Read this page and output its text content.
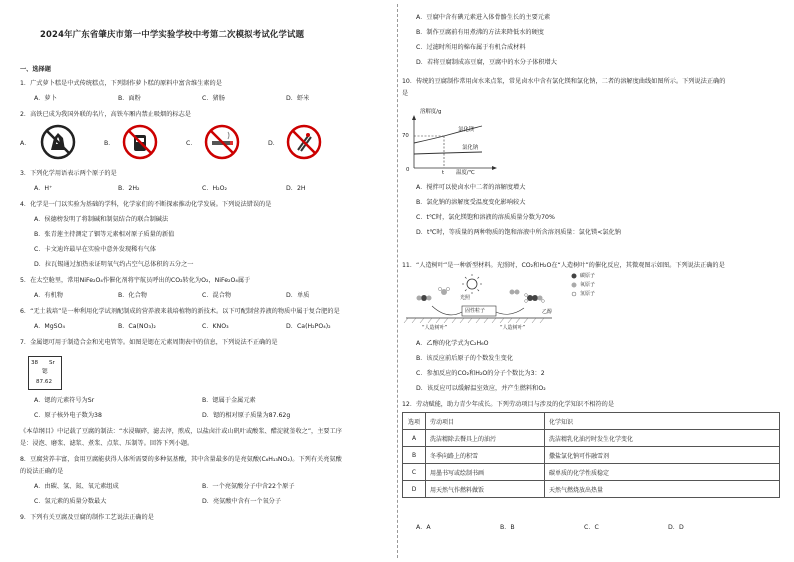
2024年广东省肇庆市第一中学实验学校中考第二次模拟考试化学试题
一、选择题
1．广式萝卜糕是中式传统糕点，下列制作萝卜糕的原料中富含维生素的是
A．萝卜	B．面粉	C．猪肠	D．虾米
2．高铁已成为我国外联的名片，高铁车厢内禁止吸烟的标志是
A．	B．	C．	D．
3．下列化学用语表示两个原子的是
A．H⁺	B．2H₂	C．H₂O₂	D．2H
4．化学是一门以实验为基础的学科，化学家们的不断探索推动化学发展。下列说法错误的是
A．侯德榜发明了将制碱和制氨结合的联合制碱法
B．张青莲主持测定了铟等元素相对原子质量的新值
C．卡文迪许最早在实验中意外发现稀有气体
D．拉瓦锡通过加热汞证明氧气约占空气总体积的五分之一
5．在太空舱里，常用NiFe₂O₄作催化剂将宇航员呼出的CO₂转化为O₂，NiFe₂O₄属于
A．有机物	B．化合物	C．混合物	D．单质
6．“无土栽培”是一种利用化学试剂配制成的营养液来栽培植物的新技术。以下可配制营养液的物质中属于复合肥的是
A．MgSO₄	B．Ca(NO₃)₂	C．KNO₃	D．Ca(H₂PO₄)₂
7．金属锶可用于制造合金和光电管等。如图是锶在元素周期表中的信息，下列说法不正确的是
38 Sr
锶
87.62
A．锶的元素符号为Sr	B．锶属于金属元素
C．原子核外电子数为38	D．锶的相对原子质量为87.62g
《本草纲目》中记载了豆腐的制法：“水浸碾碎，滤去滓，煎成，以盐卤汁或山矾叶或酸浆、醋淀就釜收之”，主要工序
是：浸泡、磨浆、滤浆、煮浆、点浆、压制等。回答下列小题。
8．豆腐营养丰富，食用豆腐能获得人体所需要的多种氨基酸，其中含量最多的是亮氨酸(C₆H₁₃NO₂)。下列有关亮氨酸
的说法正确的是
A．由碳、氢、氮、氧元素组成	B．一个亮氨酸分子中含22个原子
C．氢元素的质量分数最大	D．亮氨酸中含有一个氧分子
9．下列有关豆腐及豆腐的制作工艺说法正确的是
A．豆腐中含有碘元素进入体骨骼生长的主要元素
B．制作豆腐前有用煮沸的方法来降低水的硬度
C．过滤时所用的棉布属于有机合成材料
D．若将豆腐制成冻豆腐，豆腐中的水分子体积增大
10．传统的豆腐制作常用卤水来点浆，常见卤水中含有氯化镁和氯化钠，二者的溶解度曲线如图所示。下列说法正确的
是
溶解度/g
70
氯化镁
氯化钠
0	t 温度/℃
A．搅拌可以使卤水中二者的溶解度增大
B．氯化钠的溶解度受温度变化影响较大
C．t℃时，氯化镁饱和溶液的溶质质量分数为70%
D．t℃时，等质量的两种物质的饱和溶液中所含溶剂质量：氯化镁<氯化钠
11．“人造树叶”是一种新型材料。光照时，CO₂和H₂O在“人造树叶”的催化反应，其微观图示如图。下列说法正确的是
光照
固性粒子
“人造树叶”	“人造树叶”
乙醇
碳原子
氧原子
氢原子
A．乙醇的化学式为C₂H₆O
B．该反应前后原子的个数发生变化
C．参加反应的CO₂和H₂O的分子个数比为3：2
D．该反应可以缓解温室效应，并产生燃料和O₂
12．劳动赋能，助力青少年成长。下列劳动项目与涉及的化学知识不相符的是
选项	劳动项目	化学知识
A	洗洁精除去餐具上的油污	洗洁精乳化油污时发生化学变化
B	冬季向路上的积雪	撒盐氯化钠可作融雪剂
C	用墨书写或绘制书画	碳单质的化学性质稳定
D	用天然气作燃料做饭	天然气燃烧放出热量
A．A	B．B	C．C	D．D
